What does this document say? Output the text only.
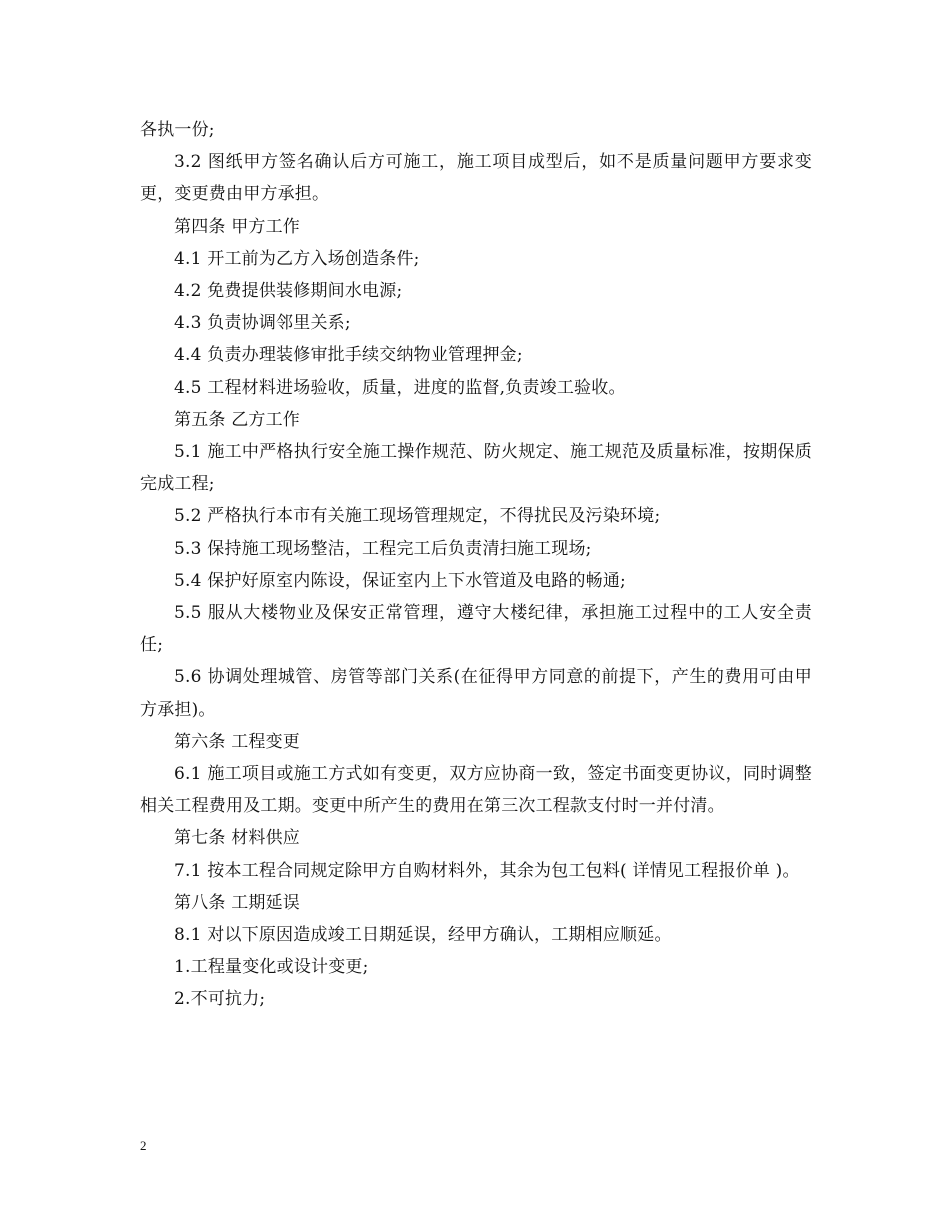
各执一份;

3.2 图纸甲方签名确认后方可施工，施工项目成型后，如不是质量问题甲方要求变更，变更费由甲方承担。

第四条 甲方工作

4.1 开工前为乙方入场创造条件;

4.2 免费提供装修期间水电源;

4.3 负责协调邻里关系;

4.4 负责办理装修审批手续交纳物业管理押金;

4.5 工程材料进场验收，质量，进度的监督,负责竣工验收。

第五条 乙方工作

5.1 施工中严格执行安全施工操作规范、防火规定、施工规范及质量标准，按期保质完成工程;

5.2 严格执行本市有关施工现场管理规定，不得扰民及污染环境;

5.3 保持施工现场整洁，工程完工后负责清扫施工现场;

5.4 保护好原室内陈设，保证室内上下水管道及电路的畅通;

5.5 服从大楼物业及保安正常管理，遵守大楼纪律，承担施工过程中的工人安全责任;

5.6 协调处理城管、房管等部门关系(在征得甲方同意的前提下，产生的费用可由甲方承担)。

第六条 工程变更

6.1 施工项目或施工方式如有变更，双方应协商一致，签定书面变更协议，同时调整相关工程费用及工期。变更中所产生的费用在第三次工程款支付时一并付清。

第七条 材料供应

7.1 按本工程合同规定除甲方自购材料外，其余为包工包料( 详情见工程报价单 )。

第八条 工期延误

8.1 对以下原因造成竣工日期延误，经甲方确认，工期相应顺延。

1.工程量变化或设计变更;

2.不可抗力;

2
